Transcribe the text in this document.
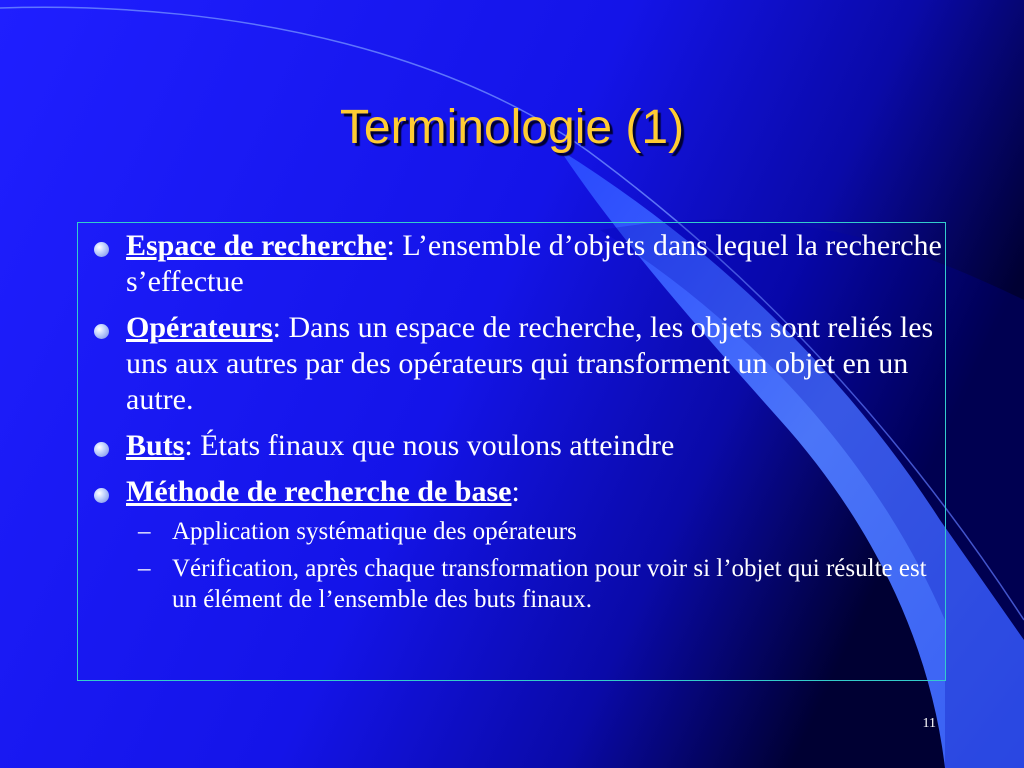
Terminologie (1)
Espace de recherche: L’ensemble d’objets dans lequel la recherche s’effectue
Opérateurs: Dans un espace de recherche, les objets sont reliés les uns aux autres par des opérateurs qui transforment un objet en un autre.
Buts: États finaux que nous voulons atteindre
Méthode de recherche de base:
– Application systématique des opérateurs
– Vérification, après chaque transformation pour voir si l’objet qui résulte est un élément de l’ensemble des buts finaux.
11
